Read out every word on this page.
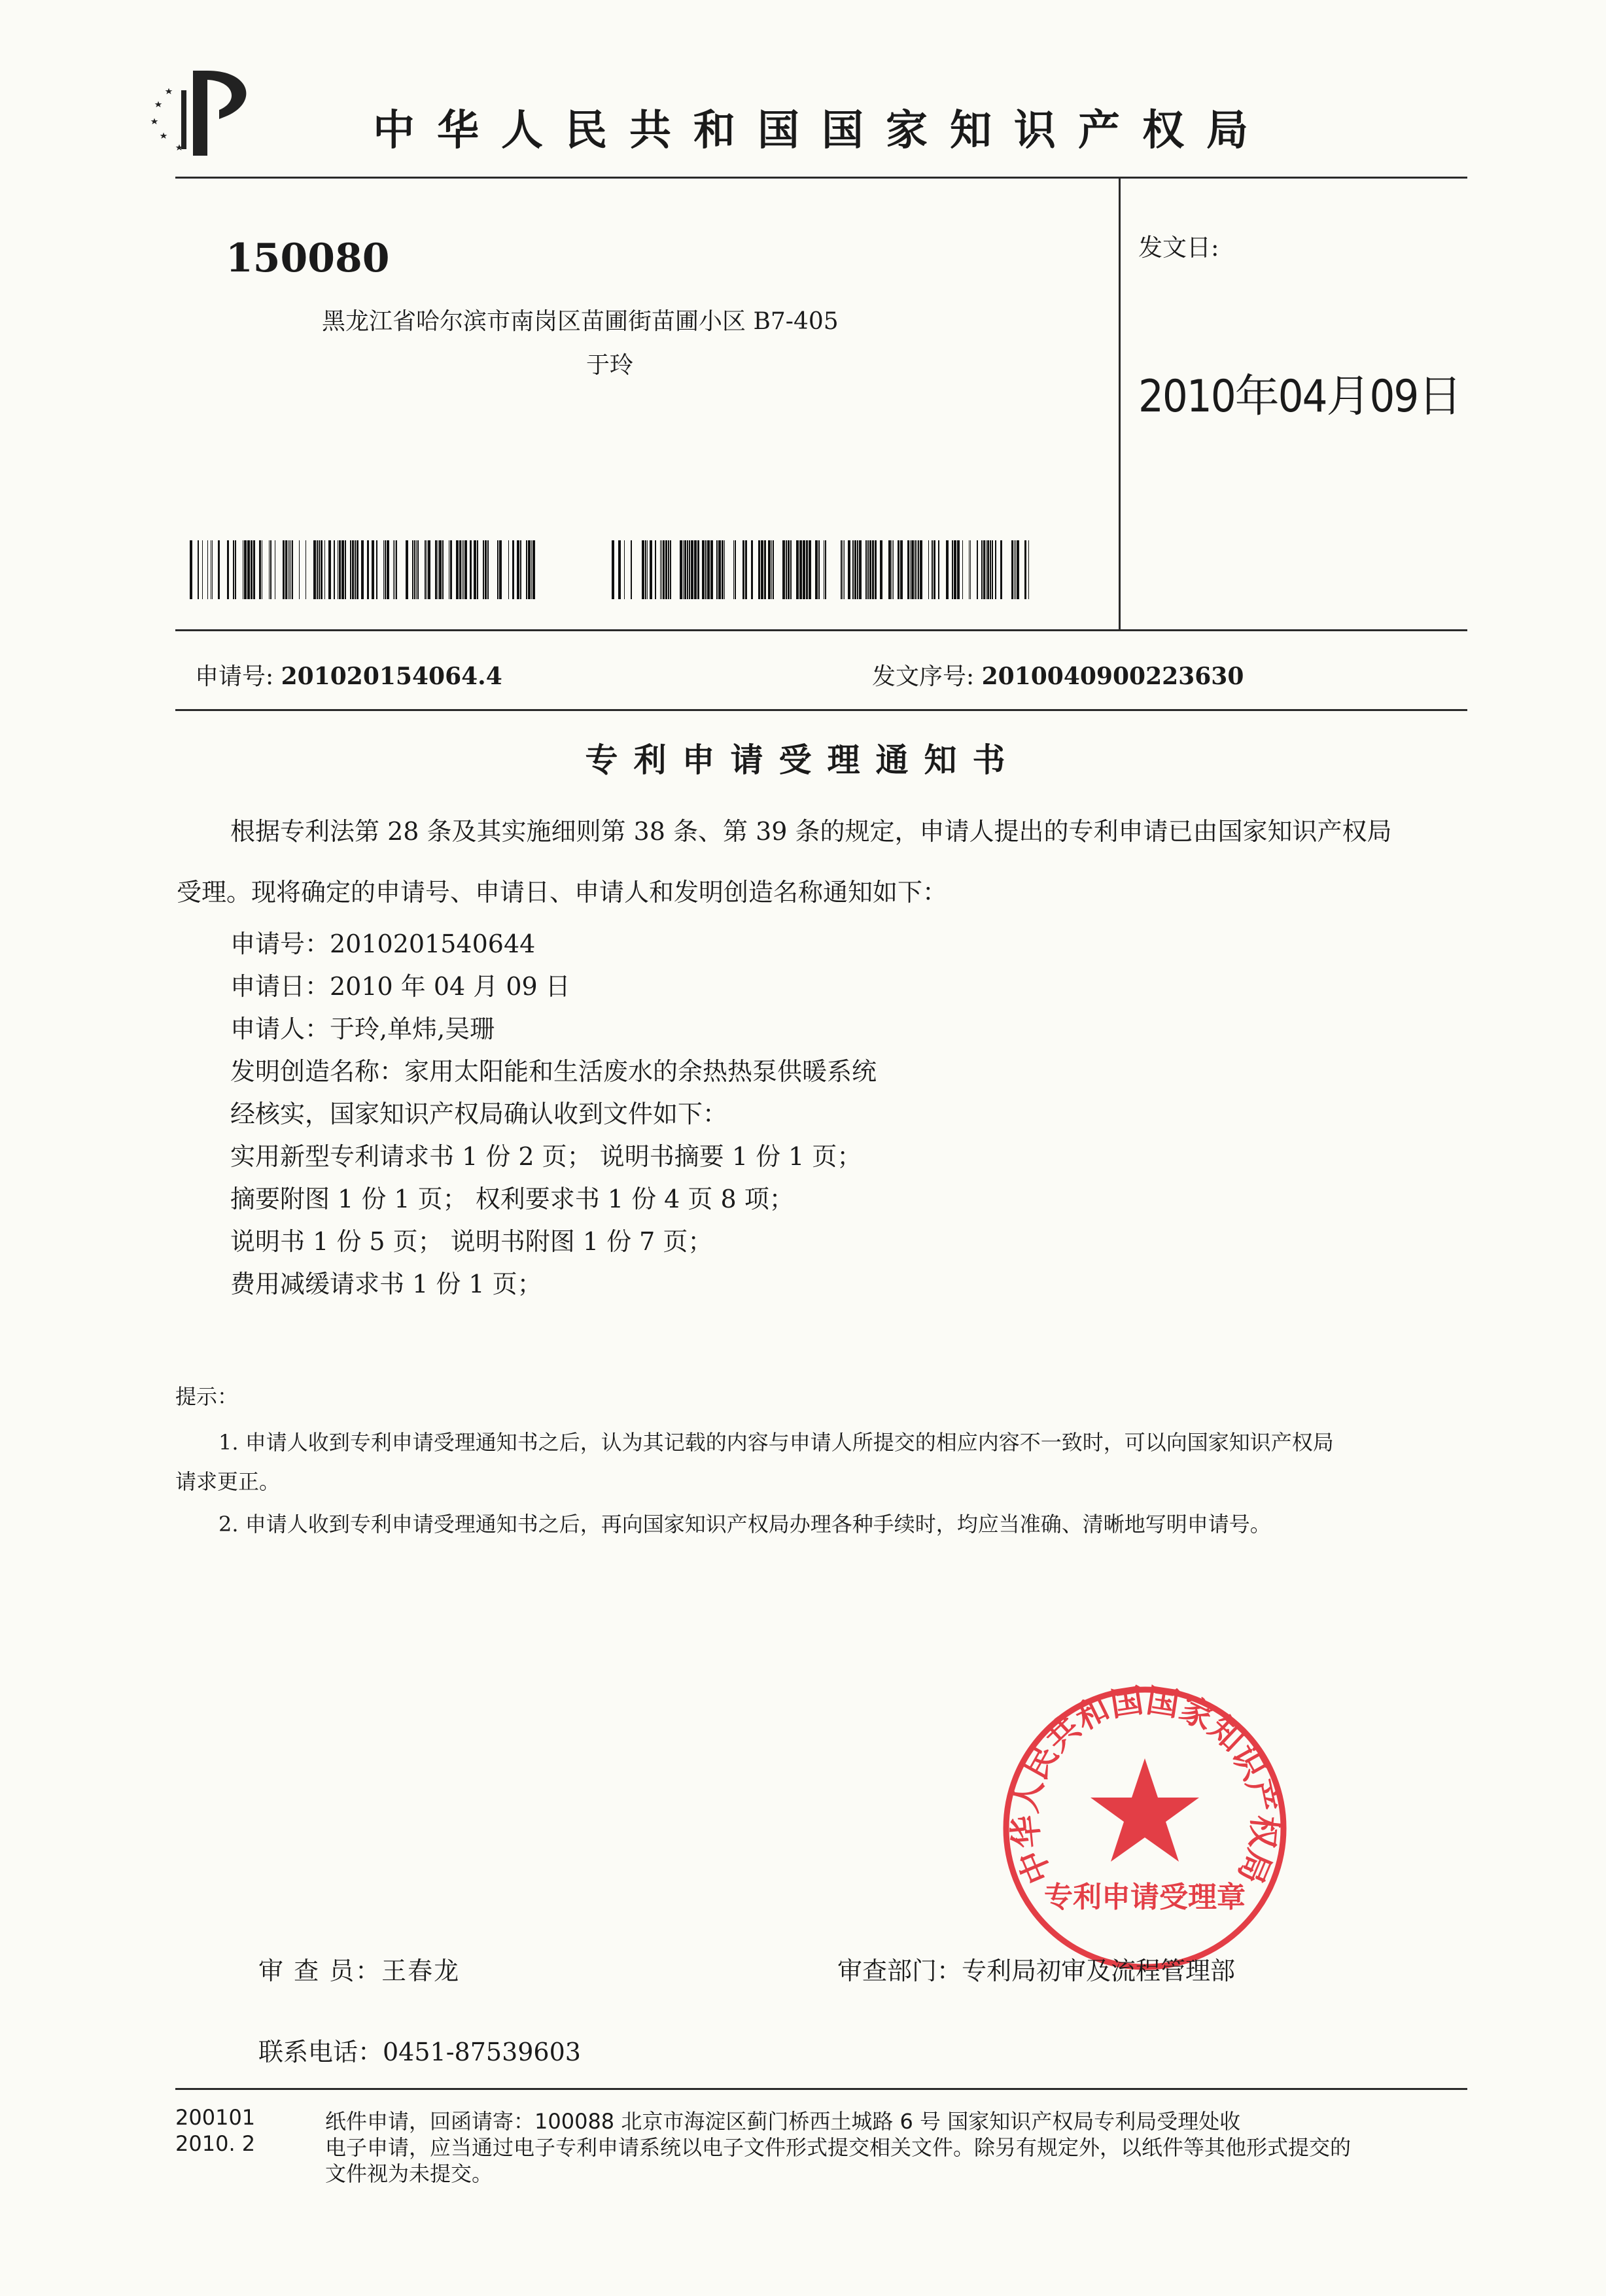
中华人民共和国国家知识产权局
150080
黑龙江省哈尔滨市南岗区苗圃街苗圃小区 B7-405
于玲
发文日:
2010年04月09日
申请号: 201020154064.4	发文序号: 2010040900223630
专利申请受理通知书
根据专利法第 28 条及其实施细则第 38 条、第 39 条的规定，申请人提出的专利申请已由国家知识产权局
受理。现将确定的申请号、申请日、申请人和发明创造名称通知如下：
申请号：2010201540644
申请日：2010 年 04 月 09 日
申请人：于玲,单炜,吴珊
发明创造名称：家用太阳能和生活废水的余热热泵供暖系统
经核实，国家知识产权局确认收到文件如下：
实用新型专利请求书 1 份 2 页； 说明书摘要 1 份 1 页；
摘要附图 1 份 1 页； 权利要求书 1 份 4 页 8 项；
说明书 1 份 5 页； 说明书附图 1 份 7 页；
费用减缓请求书 1 份 1 页；
提示：
1. 申请人收到专利申请受理通知书之后，认为其记载的内容与申请人所提交的相应内容不一致时，可以向国家知识产权局
请求更正。
2. 申请人收到专利申请受理通知书之后，再向国家知识产权局办理各种手续时，均应当准确、清晰地写明申请号。
中华人民共和国国家知识产权局
专利申请受理章
审 查 员：王春龙	审查部门：专利局初审及流程管理部
联系电话：0451-87539603
200101
2010. 2
纸件申请，回函请寄：100088 北京市海淀区蓟门桥西土城路 6 号 国家知识产权局专利局受理处收
电子申请，应当通过电子专利申请系统以电子文件形式提交相关文件。除另有规定外，以纸件等其他形式提交的
文件视为未提交。
